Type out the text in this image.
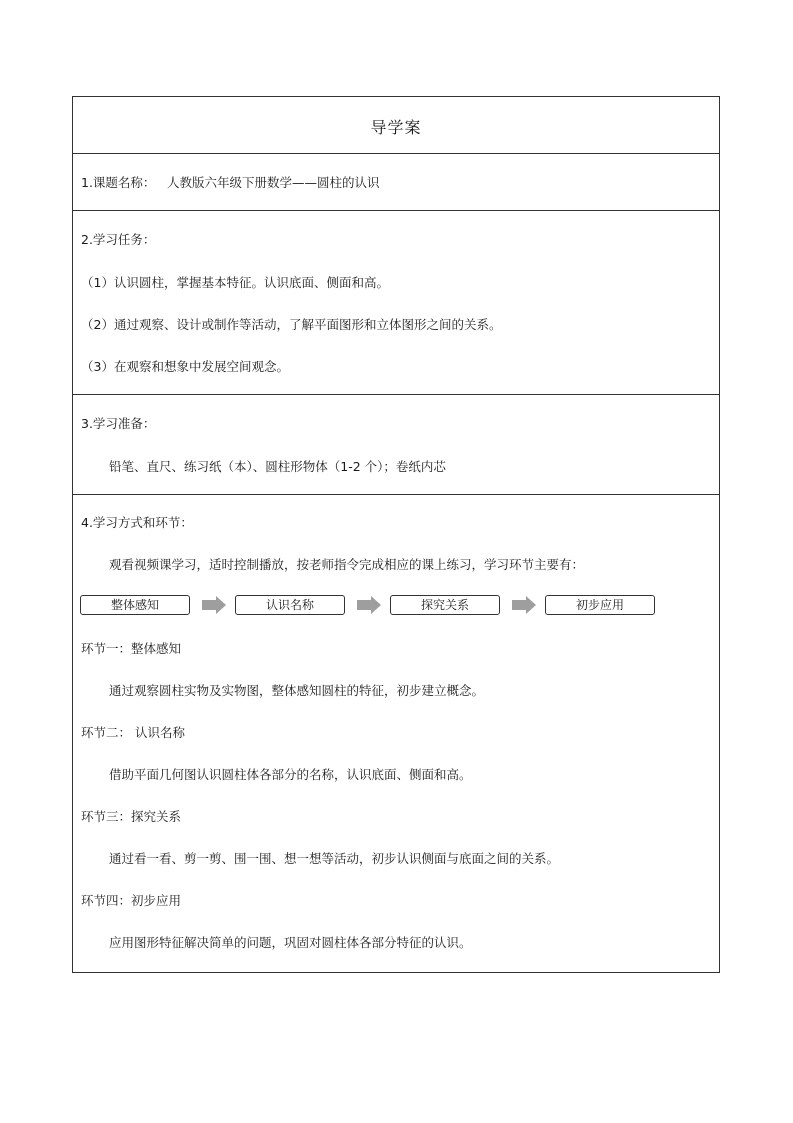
导学案
1.课题名称： 人教版六年级下册数学——圆柱的认识
2.学习任务：
（1）认识圆柱，掌握基本特征。认识底面、侧面和高。
（2）通过观察、设计或制作等活动，了解平面图形和立体图形之间的关系。
（3）在观察和想象中发展空间观念。
3.学习准备：
铅笔、直尺、练习纸（本）、圆柱形物体（1-2 个）；卷纸内芯
4.学习方式和环节：
观看视频课学习，适时控制播放，按老师指令完成相应的课上练习，学习环节主要有：
整体感知	认识名称	探究关系	初步应用
环节一：整体感知
通过观察圆柱实物及实物图，整体感知圆柱的特征，初步建立概念。
环节二： 认识名称
借助平面几何图认识圆柱体各部分的名称，认识底面、侧面和高。
环节三：探究关系
通过看一看、剪一剪、围一围、想一想等活动，初步认识侧面与底面之间的关系。
环节四：初步应用
应用图形特征解决简单的问题，巩固对圆柱体各部分特征的认识。
